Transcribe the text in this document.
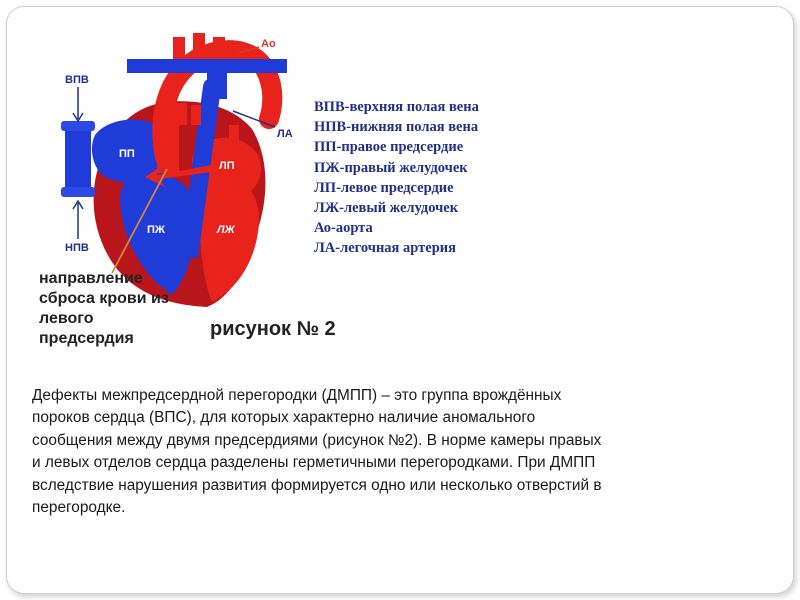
ВПВ
НПВ
ПП
ПЖ
ЛП
ЛЖ
Ао
ЛА
направление
сброса крови из
левого
предсердия	рисунок № 2
ВПВ-верхняя полая вена
НПВ-нижняя полая вена
ПП-правое предсердие
ПЖ-правый желудочек
ЛП-левое предсердие
ЛЖ-левый желудочек
Ао-аорта
ЛА-легочная артерия

Дефекты межпредсердной перегородки (ДМПП) – это группа врождённых
пороков сердца (ВПС), для которых характерно наличие аномального
сообщения между двумя предсердиями (рисунок №2). В норме камеры правых
и левых отделов сердца разделены герметичными перегородками. При ДМПП
вследствие нарушения развития формируется одно или несколько отверстий в
перегородке.
